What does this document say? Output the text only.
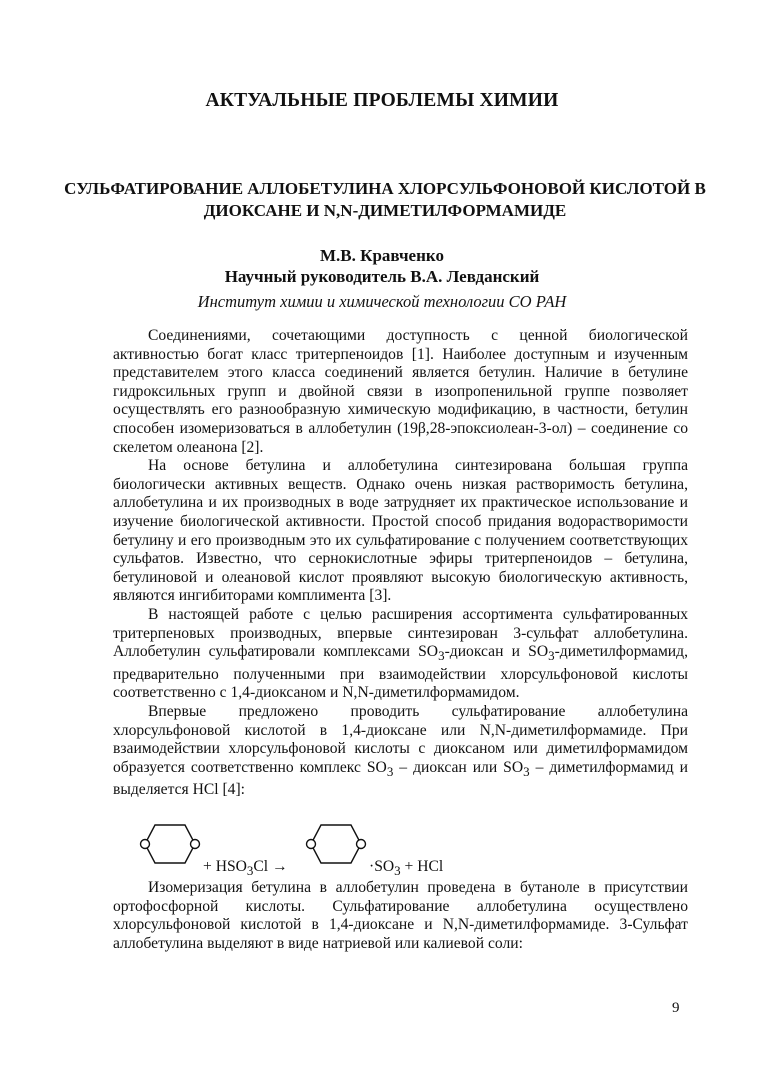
АКТУАЛЬНЫЕ ПРОБЛЕМЫ ХИМИИ
СУЛЬФАТИРОВАНИЕ АЛЛОБЕТУЛИНА ХЛОРСУЛЬФОНОВОЙ КИСЛОТОЙ В ДИОКСАНЕ И N,N-ДИМЕТИЛФОРМАМИДЕ
М.В. Кравченко
Научный руководитель В.А. Левданский
Институт химии и химической технологии СО РАН

Соединениями, сочетающими доступность с ценной биологической активностью богат класс тритерпеноидов [1]. Наиболее доступным и изученным представителем этого класса соединений является бетулин. Наличие в бетулине гидроксильных групп и двойной связи в изопропенильной группе позволяет осуществлять его разнообразную химическую модификацию, в частности, бетулин способен изомеризоваться в аллобетулин (19β,28-эпоксиолеан-3-ол) – соединение со скелетом олеанона [2].

На основе бетулина и аллобетулина синтезирована большая группа биологически активных веществ. Однако очень низкая растворимость бетулина, аллобетулина и их производных в воде затрудняет их практическое использование и изучение биологической активности. Простой способ придания водорастворимости бетулину и его производным это их сульфатирование с получением соответствующих сульфатов. Известно, что сернокислотные эфиры тритерпеноидов – бетулина, бетулиновой и олеановой кислот проявляют высокую биологическую активность, являются ингибиторами комплимента [3].

В настоящей работе с целью расширения ассортимента сульфатированных тритерпеновых производных, впервые синтезирован 3-сульфат аллобетулина. Аллобетулин сульфатировали комплексами $SO_3$-диоксан и $SO_3$-диметилформамид, предварительно полученными при взаимодействии хлорсульфоновой кислоты соответственно с 1,4-диоксаном и N,N-диметилформамидом.

Впервые предложено проводить сульфатирование аллобетулина хлорсульфоновой кислотой в 1,4-диоксане или N,N-диметилформамиде. При взаимодействии хлорсульфоновой кислоты с диоксаном или диметилформамидом образуется соответственно комплекс $SO_3$ – диоксан или $SO_3$ – диметилформамид и выделяется HCl [4]:

+ $HSO_3Cl$ →	$\cdot SO_3$ + HCl

Изомеризация бетулина в аллобетулин проведена в бутаноле в присутствии ортофосфорной кислоты. Сульфатирование аллобетулина осуществлено хлорсульфоновой кислотой в 1,4-диоксане и N,N-диметилформамиде. 3-Сульфат аллобетулина выделяют в виде натриевой или калиевой соли:

9
